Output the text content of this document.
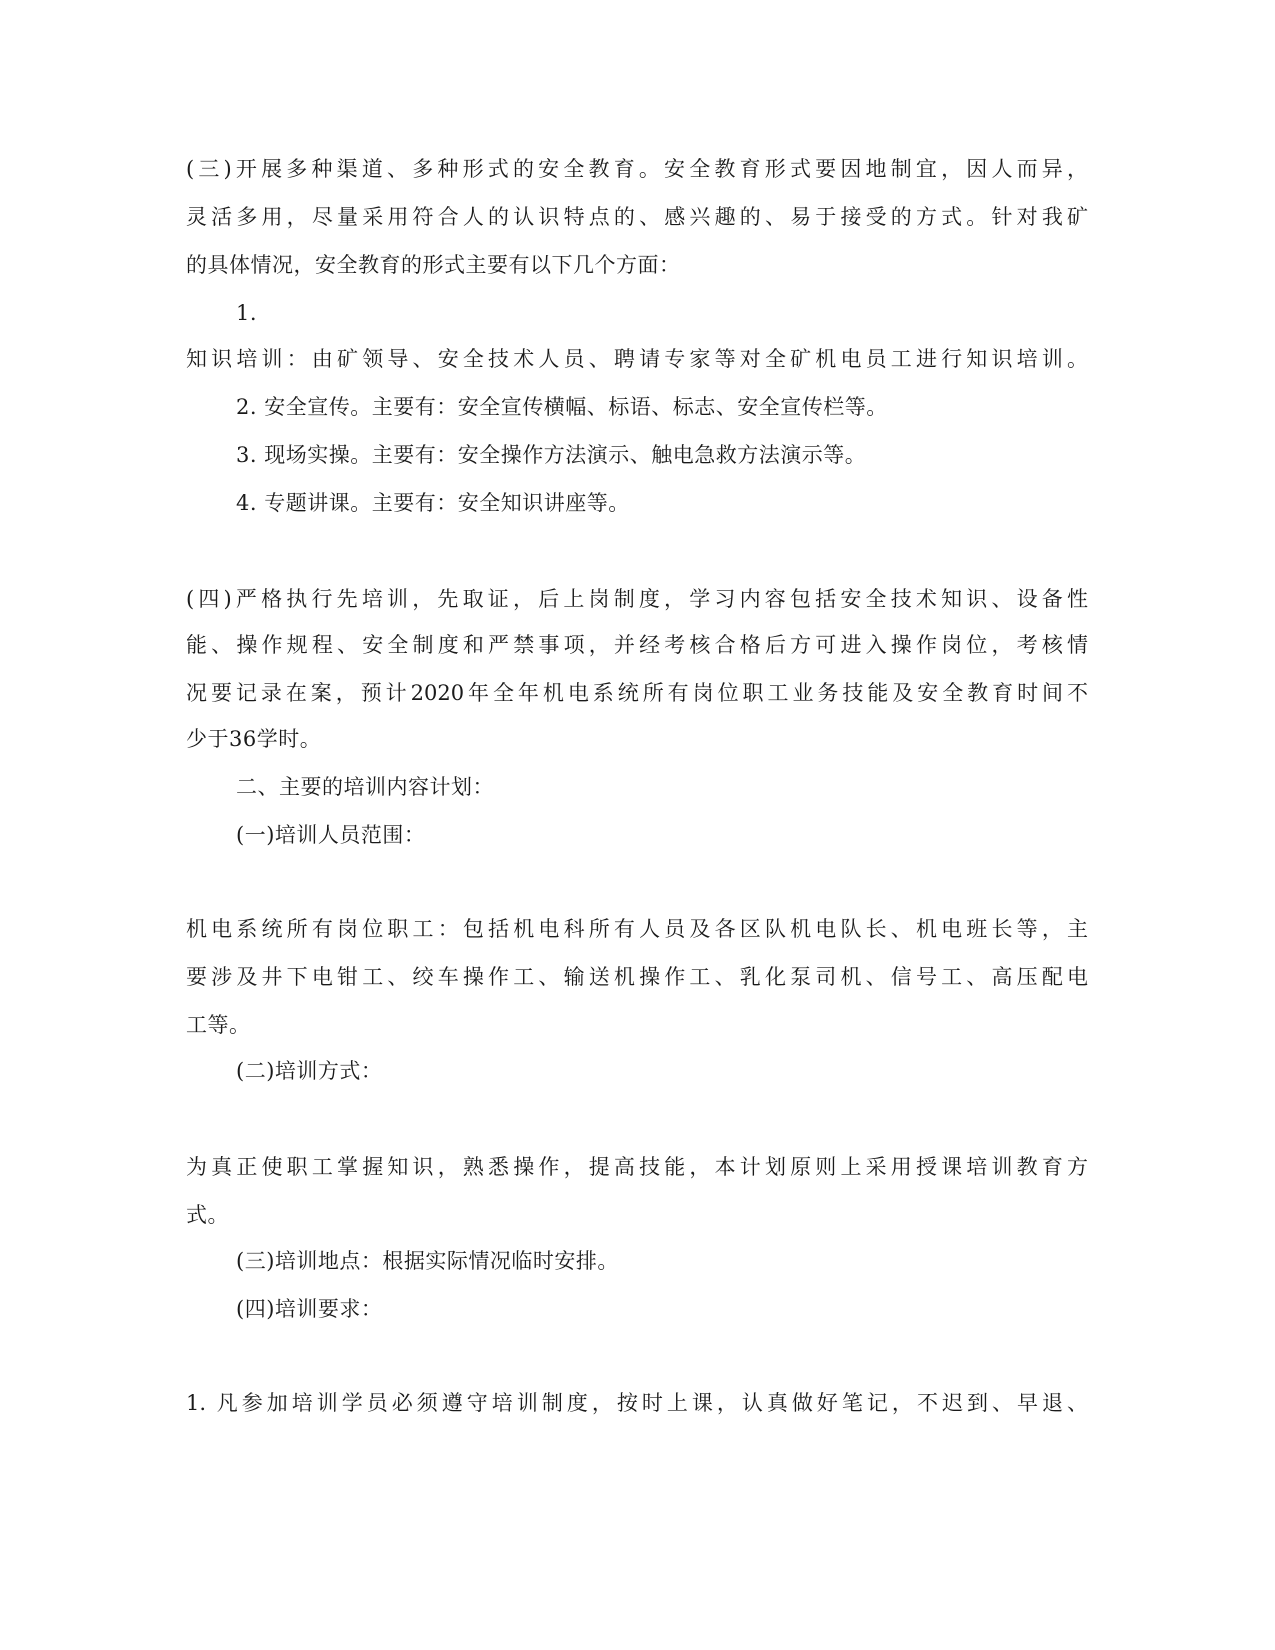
(三)开展多种渠道、多种形式的安全教育。安全教育形式要因地制宜，因人而异，
灵活多用，尽量采用符合人的认识特点的、感兴趣的、易于接受的方式。针对我矿
的具体情况，安全教育的形式主要有以下几个方面：
1.
知识培训：由矿领导、安全技术人员、聘请专家等对全矿机电员工进行知识培训。
2. 安全宣传。主要有：安全宣传横幅、标语、标志、安全宣传栏等。
3. 现场实操。主要有：安全操作方法演示、触电急救方法演示等。
4. 专题讲课。主要有：安全知识讲座等。
(四)严格执行先培训，先取证，后上岗制度，学习内容包括安全技术知识、设备性
能、操作规程、安全制度和严禁事项，并经考核合格后方可进入操作岗位，考核情
况要记录在案，预计2020年全年机电系统所有岗位职工业务技能及安全教育时间不
少于36学时。
二、主要的培训内容计划：
(一)培训人员范围：
机电系统所有岗位职工：包括机电科所有人员及各区队机电队长、机电班长等，主
要涉及井下电钳工、绞车操作工、输送机操作工、乳化泵司机、信号工、高压配电
工等。
(二)培训方式：
为真正使职工掌握知识，熟悉操作，提高技能，本计划原则上采用授课培训教育方
式。
(三)培训地点：根据实际情况临时安排。
(四)培训要求：
1. 凡参加培训学员必须遵守培训制度，按时上课，认真做好笔记，不迟到、早退、
